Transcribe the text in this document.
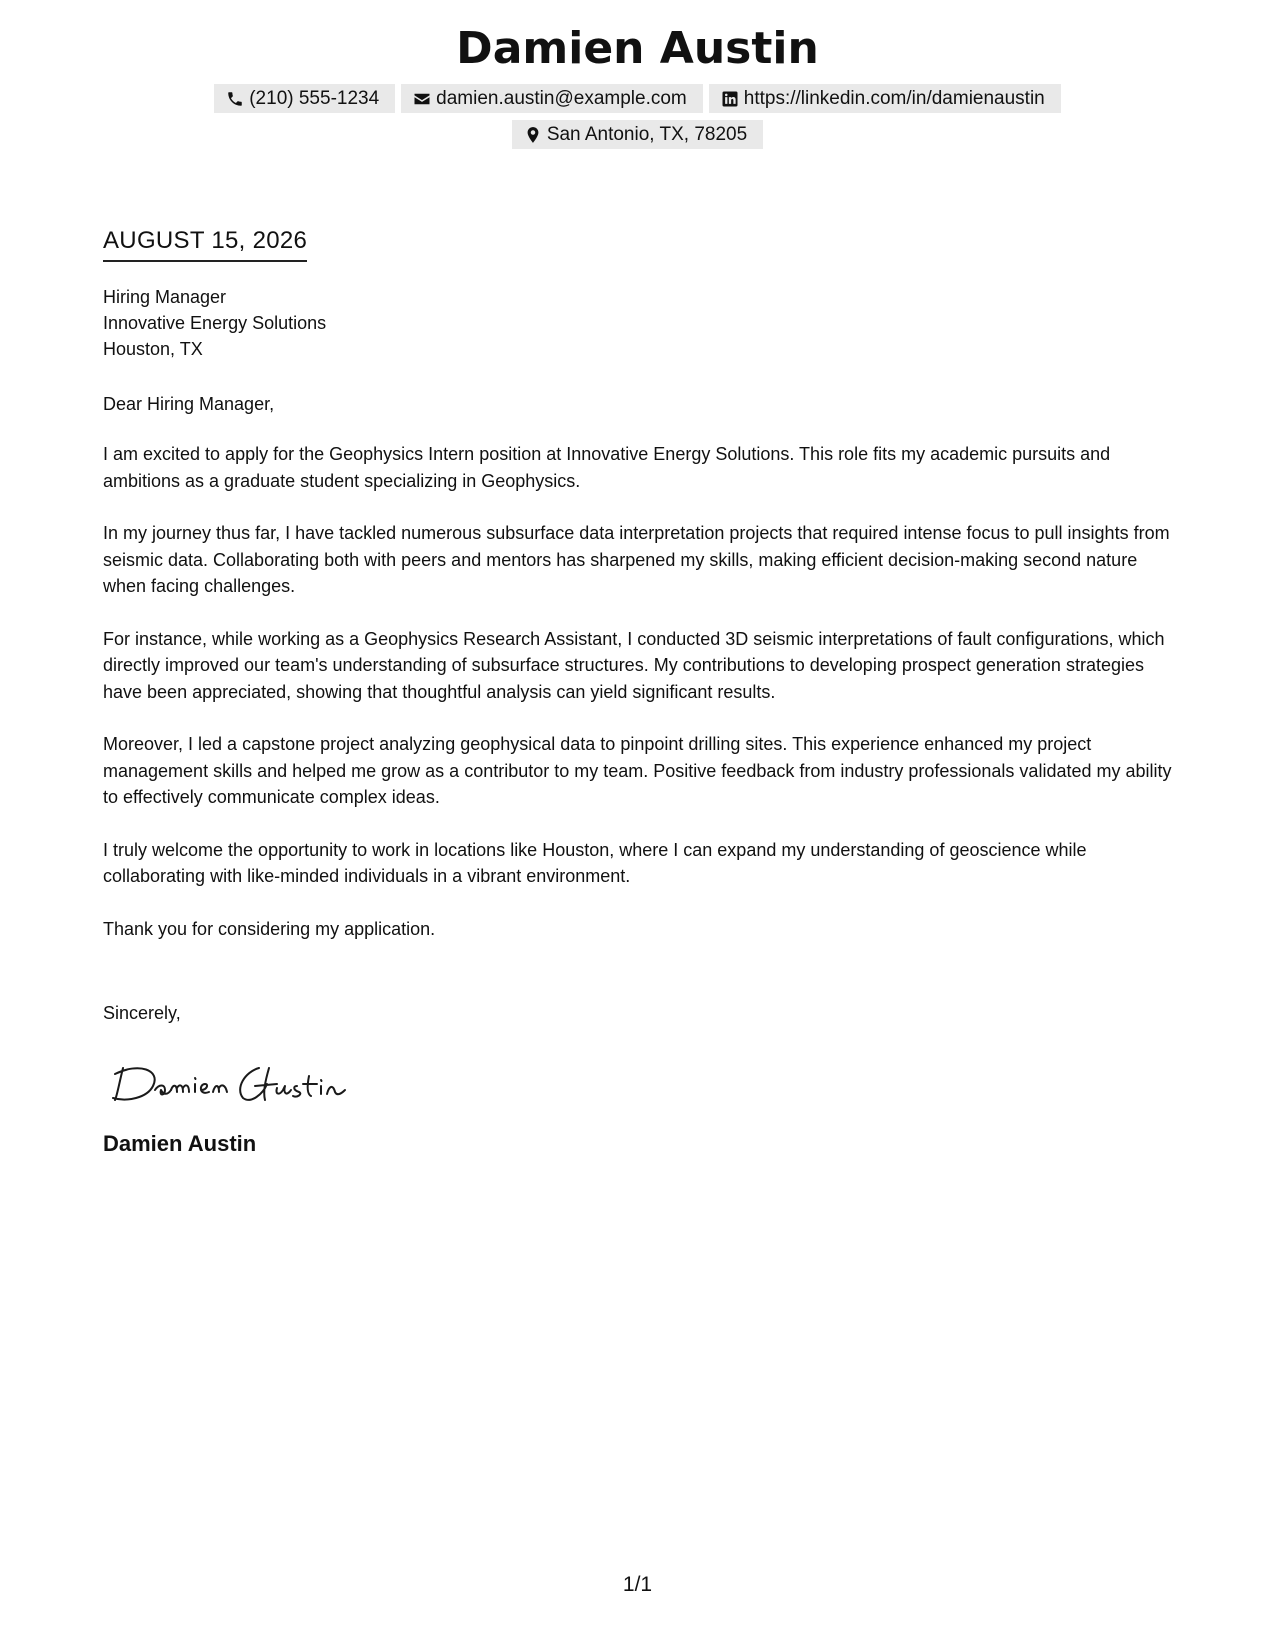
Damien Austin
(210) 555-1234	damien.austin@example.com	https://linkedin.com/in/damienaustin
San Antonio, TX, 78205
AUGUST 15, 2026
Hiring Manager
Innovative Energy Solutions
Houston, TX
Dear Hiring Manager,

I am excited to apply for the Geophysics Intern position at Innovative Energy Solutions. This role fits my academic pursuits and ambitions as a graduate student specializing in Geophysics.

In my journey thus far, I have tackled numerous subsurface data interpretation projects that required intense focus to pull insights from seismic data. Collaborating both with peers and mentors has sharpened my skills, making efficient decision-making second nature when facing challenges.

For instance, while working as a Geophysics Research Assistant, I conducted 3D seismic interpretations of fault configurations, which directly improved our team's understanding of subsurface structures. My contributions to developing prospect generation strategies have been appreciated, showing that thoughtful analysis can yield significant results.

Moreover, I led a capstone project analyzing geophysical data to pinpoint drilling sites. This experience enhanced my project management skills and helped me grow as a contributor to my team. Positive feedback from industry professionals validated my ability to effectively communicate complex ideas.

I truly welcome the opportunity to work in locations like Houston, where I can expand my understanding of geoscience while collaborating with like-minded individuals in a vibrant environment.

Thank you for considering my application.

Sincerely,
Damien Austin
1/1
